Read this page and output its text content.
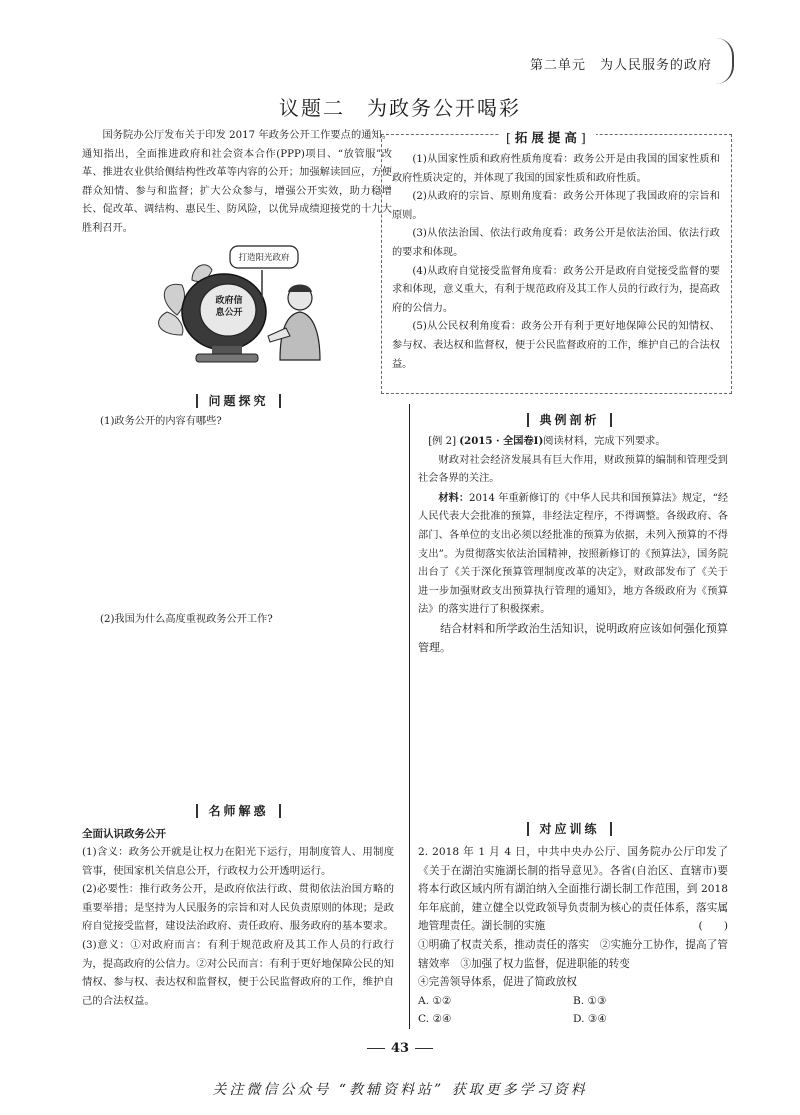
第二单元　为人民服务的政府
议题二　为政务公开喝彩
国务院办公厅发布关于印发 2017 年政务公开工作要点的通知。通知指出，全面推进政府和社会资本合作(PPP)项目、“放管服”改革、推进农业供给侧结构性改革等内容的公开；加强解读回应，方便群众知情、参与和监督；扩大公众参与，增强公开实效，助力稳增长、促改革、调结构、惠民生、防风险，以优异成绩迎接党的十九大胜利召开。
打造阳光政府
政府信息公开
问题探究
(1)政务公开的内容有哪些?
(2)我国为什么高度重视政务公开工作?
[拓展提高]
(1)从国家性质和政府性质角度看：政务公开是由我国的国家性质和政府性质决定的，并体现了我国的国家性质和政府性质。
(2)从政府的宗旨、原则角度看：政务公开体现了我国政府的宗旨和原则。
(3)从依法治国、依法行政角度看：政务公开是依法治国、依法行政的要求和体现。
(4)从政府自觉接受监督角度看：政务公开是政府自觉接受监督的要求和体现，意义重大，有利于规范政府及其工作人员的行政行为，提高政府的公信力。
(5)从公民权利角度看：政务公开有利于更好地保障公民的知情权、参与权、表达权和监督权，便于公民监督政府的工作，维护自己的合法权益。
典例剖析
[例 2] (2015 · 全国卷Ⅰ)阅读材料，完成下列要求。
财政对社会经济发展具有巨大作用，财政预算的编制和管理受到社会各界的关注。
材料：2014 年重新修订的《中华人民共和国预算法》规定，“经人民代表大会批准的预算，非经法定程序，不得调整。各级政府、各部门、各单位的支出必须以经批准的预算为依据，未列入预算的不得支出”。为贯彻落实依法治国精神，按照新修订的《预算法》，国务院出台了《关于深化预算管理制度改革的决定》，财政部发布了《关于进一步加强财政支出预算执行管理的通知》，地方各级政府为《预算法》的落实进行了积极探索。
结合材料和所学政治生活知识，说明政府应该如何强化预算管理。
名师解惑
全面认识政务公开
(1)含义：政务公开就是让权力在阳光下运行，用制度管人、用制度管事，使国家机关信息公开，行政权力公开透明运行。
(2)必要性：推行政务公开，是政府依法行政、贯彻依法治国方略的重要举措；是坚持为人民服务的宗旨和对人民负责原则的体现；是政府自觉接受监督，建设法治政府、责任政府、服务政府的基本要求。
(3)意义：①对政府而言：有利于规范政府及其工作人员的行政行为，提高政府的公信力。②对公民而言：有利于更好地保障公民的知情权、参与权、表达权和监督权，便于公民监督政府的工作，维护自己的合法权益。
对应训练
2. 2018 年 1 月 4 日，中共中央办公厅、国务院办公厅印发了《关于在湖泊实施湖长制的指导意见》。各省(自治区、直辖市)要将本行政区域内所有湖泊纳入全面推行湖长制工作范围，到 2018 年年底前，建立健全以党政领导负责制为核心的责任体系，落实属地管理责任。湖长制的实施	(　　)
①明确了权责关系，推动责任的落实　②实施分工协作，提高了管辖效率　③加强了权力监督，促进职能的转变
④完善领导体系，促进了简政放权
A. ①②	B. ①③
C. ②④	D. ③④
43
关注微信公众号 “教辅资料站” 获取更多学习资料
